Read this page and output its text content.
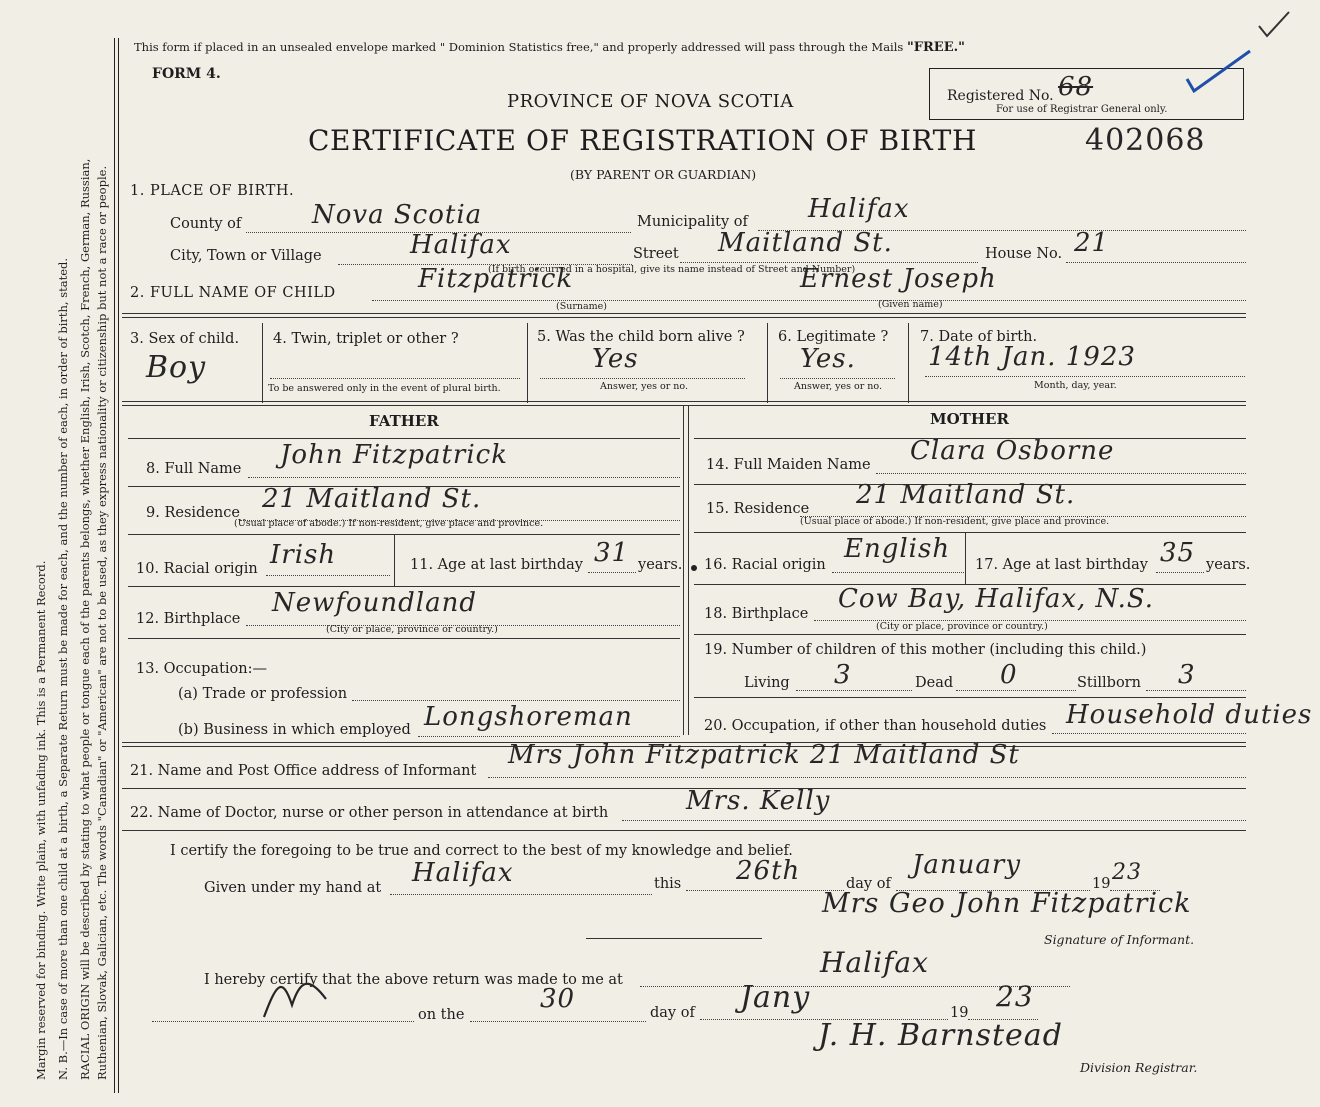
Margin reserved for binding. Write plain, with unfading ink. This is a Permanent Record. N. B.—In case of more than one child at a birth, a Separate Return must be made for each, and the number of each, in order of birth, stated. RACIAL ORIGIN will be described by stating to what people or tongue each of the parents belongs, whether English, Irish, Scotch, French, German, Russian, Ruthenian, Slovak, Galician, etc. The words "Canadian" or "American" are not to be used, as they express nationality or citizenship but not a race or people.
This form if placed in an unsealed envelope marked " Dominion Statistics free," and properly addressed will pass through the Mails "FREE."
FORM 4.
PROVINCE OF NOVA SCOTIA
CERTIFICATE OF REGISTRATION OF BIRTH	402068
(BY PARENT OR GUARDIAN)
Registered No. 68
For use of Registrar General only.
1. PLACE OF BIRTH.
County of	Nova Scotia	Municipality of Halifax
City, Town or Village	Halifax	Street Maitland St.	House No. 21
(If birth occurred in a hospital, give its name instead of Street and Number)
2. FULL NAME OF CHILD	Fitzpatrick	Ernest Joseph
(Surname)	(Given name)
3. Sex of child.
Boy
4. Twin, triplet or other ?
To be answered only in the event of plural birth.
5. Was the child born alive ?
Yes
Answer, yes or no.
6. Legitimate ?
Yes.
Answer, yes or no.
7. Date of birth.
14th Jan. 1923
Month, day, year.
FATHER	MOTHER
8. Full Name John Fitzpatrick
9. Residence 21 Maitland St.
(Usual place of abode.) If non-resident, give place and province.
10. Racial origin Irish	11. Age at last birthday 31 years.
12. Birthplace
Newfoundland
(City or place, province or country.)
13. Occupation:—
(a) Trade or profession
(b) Business in which employed Longshoreman
14. Full Maiden Name Clara Osborne
15. Residence 21 Maitland St.
(Usual place of abode.) If non-resident, give place and province.
16. Racial origin
English
17. Age at last birthday 35 years.
18. Birthplace Cow Bay, Halifax, N.S.
(City or place, province or country.)
19. Number of children of this mother (including this child.)
Living 3	Dead 0	Stillborn 3
20. Occupation, if other than household duties Household duties
21. Name and Post Office address of Informant
Mrs John Fitzpatrick 21 Maitland St
22. Name of Doctor, nurse or other person in attendance at birth	Mrs. Kelly
I certify the foregoing to be true and correct to the best of my knowledge and belief.
Given under my hand at Halifax	this 26th	day of
January
19 23
Mrs Geo John Fitzpatrick
Signature of Informant.
I hereby certify that the above return was made to me at
Halifax
on the
30	day of Jany	19 23
J. H. Barnstead
Division Registrar.
